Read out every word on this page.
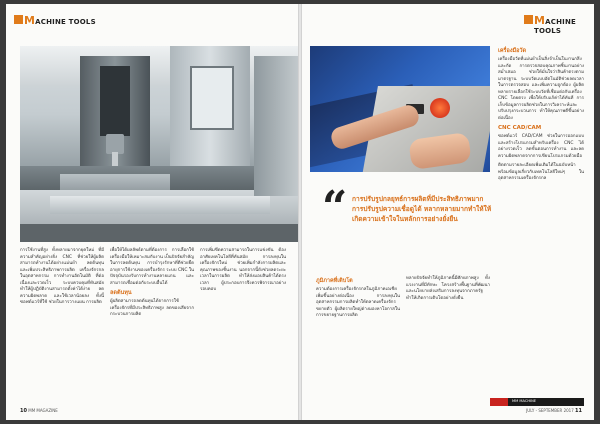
MACHINE TOOLS

การใช้งานที่สูง ทั้งหลายมาจากยุคใหม่ ที่มีความสำคัญอย่างยิ่ง CNC ที่ช่วยให้ผู้ผลิตสามารถทำงานได้อย่างแม่นยำ ลดต้นทุน และเพิ่มประสิทธิภาพการผลิต เครื่องจักรกลในอุตสาหกรรม การทำงานอัตโนมัติ ที่ต่อเนื่องและรวดเร็ว ระบบควบคุมที่ทันสมัย ทำให้ผู้ปฏิบัติงานสามารถตั้งค่าได้ง่าย ลดความผิดพลาด และใช้เวลาน้อยลง ทั้งนี้ซอฟต์แวร์ที่ใช้ ช่วยในการวางแผน การผลิต

เพื่อให้ได้ผลลัพธ์ตามที่ต้องการ การเลือกใช้เครื่องมือให้เหมาะสมกับงาน เป็นปัจจัยสำคัญในการลดต้นทุน การบำรุงรักษาที่ดีช่วยยืดอายุการใช้งานของเครื่องจักร ระบบ CNC ในปัจจุบันรองรับการทำงานหลายแกน และสามารถเชื่อมต่อกับระบบอื่นได้

ลดต้นทุน

ผู้ผลิตสามารถลดต้นทุนได้จากการใช้ เครื่องจักรที่มีประสิทธิภาพสูง ลดของเสียจากกระบวนการผลิต

การเพิ่มขีดความสามารถในการแข่งขัน ต้องอาศัยเทคโนโลยีที่ทันสมัย การลงทุนในเครื่องจักรใหม่ ช่วยเพิ่มกำลังการผลิตและคุณภาพของชิ้นงาน นอกจากนี้ยังช่วยลดระยะเวลาในการผลิต ทำให้ส่งมอบสินค้าได้ตรงเวลา ผู้ประกอบการจึงควรพิจารณาอย่างรอบคอบ

10 MM MAGAZINE
MACHINE TOOLS
“ การปรับรูปกลยุทธ์การผลิตที่มีประสิทธิภาพมากการปรับรูปความเชื่อดูได้ หลากหลายมากทำให้ให้เกิดความเข้าใจในหลักการอย่างยั่งยืน
เครื่องมือวัด

เครื่องมือวัดที่แม่นยำเป็นสิ่งจำเป็นในงานกลึงและกัด การตรวจสอบคุณภาพชิ้นงานอย่างสม่ำเสมอ ช่วยให้มั่นใจว่าสินค้าตรงตามมาตรฐาน ระบบวัดแบบอัตโนมัติช่วยลดเวลาในการตรวจสอบ และเพิ่มความถูกต้อง ผู้ผลิตหลายรายเลือกใช้ระบบวัดที่เชื่อมต่อกับเครื่อง CNC โดยตรง เพื่อให้ปรับแก้ค่าได้ทันที การเก็บข้อมูลการผลิตช่วยในการวิเคราะห์และปรับปรุงกระบวนการ ทำให้คุณภาพดีขึ้นอย่างต่อเนื่อง

CNC CAD/CAM

ซอฟต์แวร์ CAD/CAM ช่วยในการออกแบบและสร้างโปรแกรมสำหรับเครื่อง CNC ได้อย่างรวดเร็ว ลดขั้นตอนการทำงาน และลดความผิดพลาดจากการเขียนโปรแกรมด้วยมือ

ติดตามรายละเอียดเพิ่มเติมได้ในฉบับหน้า พร้อมข้อมูลเกี่ยวกับเทคโนโลยีใหม่ๆ ในอุตสาหกรรมเครื่องจักรกล

ภูมิภาคที่เติบโต

ความต้องการเครื่องจักรกลในภูมิภาคเอเชียเพิ่มขึ้นอย่างต่อเนื่อง การลงทุนในอุตสาหกรรมการผลิตทำให้ตลาดเครื่องจักรขยายตัว ผู้ผลิตรายใหญ่ต่างมองหาโอกาสในการขยายฐานการผลิต

หลายปัจจัยทำให้ภูมิภาคนี้มีศักยภาพสูง ทั้งแรงงานที่มีทักษะ โครงสร้างพื้นฐานที่พัฒนา และนโยบายส่งเสริมการลงทุนจากภาครัฐ ทำให้เกิดการเติบโตอย่างยั่งยืน

MM MACHINE
JULY - SEPTEMBER 2017 11
